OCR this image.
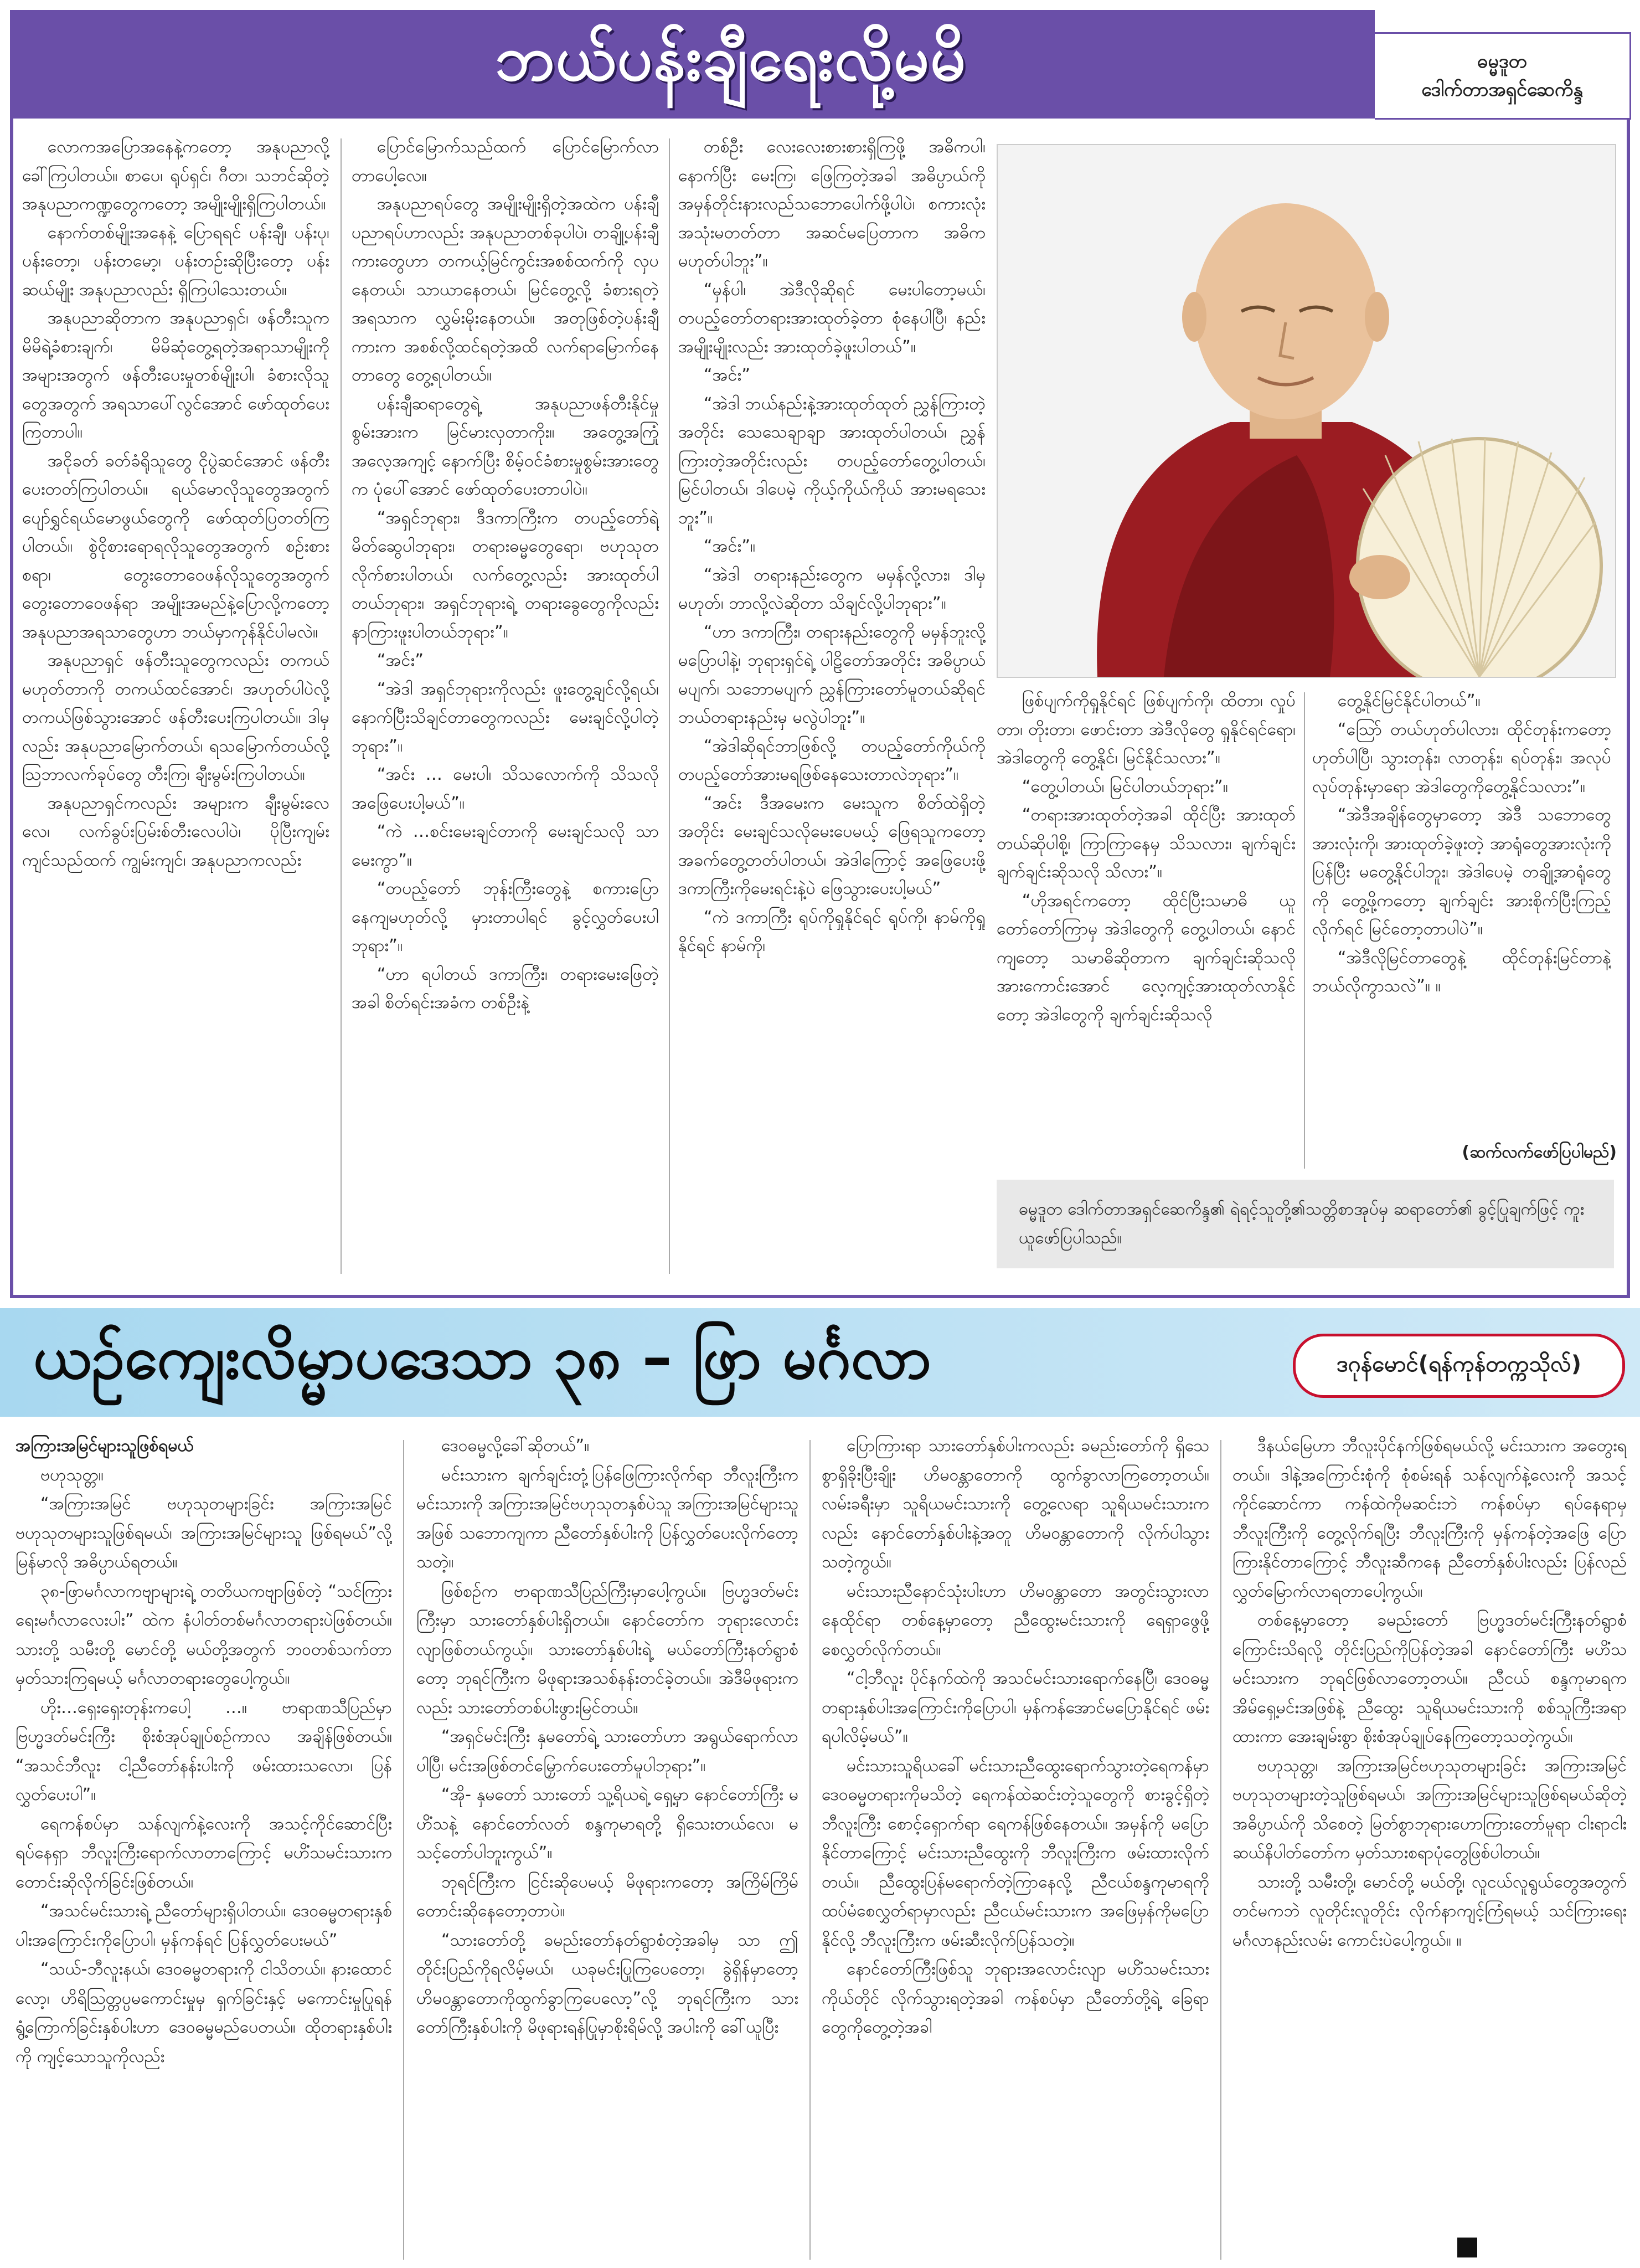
ဘယ်ပန်းချီရေးလို့မမိ	ဓမ္မဒူတ
ဒေါက်တာအရှင်ဆေကိန္ဒ

လောကအပြောအနေနဲ့ကတော့ အနုပညာလို့ခေါ်ကြပါတယ်။ စာပေ၊ ရုပ်ရှင်၊ ဂီတ၊ သဘင်ဆိုတဲ့ အနုပညာကဏ္ဍတွေကတော့ အမျိုးမျိုးရှိကြပါတယ်။

နောက်တစ်မျိုးအနေနဲ့ ပြောရရင် ပန်းချီ၊ ပန်းပု၊ ပန်းတော့၊ ပန်းတမော့၊ ပန်းတဉ်းဆိုပြီးတော့ ပန်းဆယ်မျိုး အနုပညာလည်း ရှိကြပါသေးတယ်။

အနုပညာဆိုတာက အနုပညာရှင်၊ ဖန်တီးသူက မိမိရဲ့ခံစားချက်၊ မိမိဆုံတွေ့ရတဲ့အရာသာမျိုးကို အများအတွက် ဖန်တီးပေးမှုတစ်မျိုးပါ၊ ခံစားလိုသူတွေအတွက် အရသာပေါ်လွင်အောင် ဖော်ထုတ်ပေးကြတာပါ။

အငိုခတ် ခတ်ခံရိုသူတွေ ငိုပွဲဆင်အောင် ဖန်တီးပေးတတ်ကြပါတယ်။ ရယ်မောလိုသူတွေအတွက် ပျော်ရွှင်ရယ်မောဖွယ်တွေကို ဖော်ထုတ်ပြတတ်ကြပါတယ်။ စွဲငိုစားရောရလိုသူတွေအတွက် စဉ်းစားစရာ၊ တွေးတောဝေဖန်လိုသူတွေအတွက် တွေးတောဝေဖန်ရာ အမျိုးအမည်နဲ့ပြောလို့ကတော့ အနုပညာအရသာတွေဟာ ဘယ်မှာကုန်နိုင်ပါမလဲ။

အနုပညာရှင် ဖန်တီးသူတွေကလည်း တကယ်မဟုတ်တာကို တကယ်ထင်အောင်၊ အဟုတ်ပါပဲလို့ တကယ်ဖြစ်သွားအောင် ဖန်တီးပေးကြပါတယ်။ ဒါမှလည်း အနုပညာမြောက်တယ်၊ ရသမြောက်တယ်လို့ သြဘာလက်ခုပ်တွေ တီးကြ၊ ချီးမွမ်းကြပါတယ်။

အနုပညာရှင်ကလည်း အများက ချီးမွမ်းလေလေ၊ လက်ခွပ်းပြမ်းစ်တီးလေပါပဲ၊ ပိုပြီးကျမ်းကျင်သည်ထက် ကျွမ်းကျင်၊ အနုပညာကလည်း

ပြောင်မြောက်သည်ထက် ပြောင်မြောက်လာတာပေါ့လေ။

အနုပညာရပ်တွေ အမျိုးမျိုးရှိတဲ့အထဲက ပန်းချီပညာရပ်ဟာလည်း အနုပညာတစ်ခုပါပဲ၊ တချို့ပန်းချီကားတွေဟာ တကယ့်မြင်ကွင်းအစစ်ထက်ကို လှပနေတယ်၊ သာယာနေတယ်၊ မြင်တွေ့လို့ ခံစားရတဲ့အရသာက လွှမ်းမိုးနေတယ်။ အတုဖြစ်တဲ့ပန်းချီကားက အစစ်လို့ထင်ရတဲ့အထိ လက်ရာမြောက်နေတာတွေ တွေ့ရပါတယ်။

ပန်းချီဆရာတွေရဲ့ အနုပညာဖန်တီးနိုင်မှုစွမ်းအားက မြင်မားလှတာကိုး။ အတွေ့အကြုံအလေ့အကျင့် နောက်ပြီး စိမ့်ဝင်ခံစားမှုစွမ်းအားတွေက ပုံပေါ်အောင် ဖော်ထုတ်ပေးတာပါပဲ။

“အရှင်ဘုရား၊ ဒီဒကာကြီးက တပည့်တော်ရဲ့မိတ်ဆွေပါဘုရား၊ တရားဓမ္မတွေရော၊ ဗဟုသုတလိုက်စားပါတယ်၊ လက်တွေ့လည်း အားထုတ်ပါတယ်ဘုရား၊ အရှင်ဘုရားရဲ့ တရားခွေတွေကိုလည်း နာကြားဖူးပါတယ်ဘုရား”။

“အင်း”

“အဲဒါ အရှင်ဘုရားကိုလည်း ဖူးတွေ့ချင်လို့ရယ်၊ နောက်ပြီးသိချင်တာတွေကလည်း မေးချင်လို့ပါတဲ့ဘုရား”။

“အင်း … မေးပါ၊ သိသလောက်ကို သိသလိုအဖြေပေးပါ့မယ်”။

“ကဲ …စင်းမေးချင်တာကို မေးချင်သလို သာမေးကွာ”။

“တပည့်တော် ဘုန်းကြီးတွေနဲ့ စကားပြောနေကျမဟုတ်လို့ မှားတာပါရင် ခွင့်လွှတ်ပေးပါဘုရား”။

“ဟာ ရပါတယ် ဒကာကြီး၊ တရားမေးဖြေတဲ့အခါ စိတ်ရင်းအခံက တစ်ဦးနဲ့

တစ်ဦး လေးလေးစားစားရှိကြဖို့ အဓိကပါ၊ နောက်ပြီး မေးကြ၊ ဖြေကြတဲ့အခါ အဓိပ္ပာယ်ကို အမှန်တိုင်းနားလည်သဘောပေါက်ဖို့ပါပဲ၊ စကားလုံးအသုံးမတတ်တာ အဆင်မပြေတာက အဓိကမဟုတ်ပါဘူး”။

“မှန်ပါ၊ အဲဒီလိုဆိုရင် မေးပါတော့မယ်၊ တပည့်တော်တရားအားထုတ်ခဲ့တာ စုံနေပါပြီ၊ နည်းအမျိုးမျိုးလည်း အားထုတ်ခဲ့ဖူးပါတယ်”။

“အင်း”

“အဲဒါ ဘယ်နည်းနဲ့အားထုတ်ထုတ် ညွှန်ကြားတဲ့အတိုင်း သေသေချာချာ အားထုတ်ပါတယ်၊ ညွှန်ကြားတဲ့အတိုင်းလည်း တပည့်တော်တွေ့ပါတယ်၊ မြင်ပါတယ်၊ ဒါပေမဲ့ ကိုယ့်ကိုယ်ကိုယ် အားမရသေးဘူး”။

“အင်း”။

“အဲဒါ တရားနည်းတွေက မမှန်လို့လား၊ ဒါမှမဟုတ်၊ ဘာလို့လဲဆိုတာ သိချင်လို့ပါဘုရား”။

“ဟာ ဒကာကြီး၊ တရားနည်းတွေကို မမှန်ဘူးလို့ မပြောပါနဲ့၊ ဘုရားရှင်ရဲ့ ပါဠိတော်အတိုင်း အဓိပ္ပာယ်မပျက်၊ သဘောမပျက် ညွှန်ကြားတော်မူတယ်ဆိုရင် ဘယ်တရားနည်းမှ မလွဲပါဘူး”။

“အဲဒါဆိုရင်ဘာဖြစ်လို့ တပည့်တော်ကိုယ်ကိုတပည့်တော်အားမရဖြစ်နေသေးတာလဲဘုရား”။

“အင်း ဒီအမေးက မေးသူက စိတ်ထဲရှိတဲ့အတိုင်း မေးချင်သလိုမေးပေမယ့် ဖြေရသူကတော့ အခက်တွေ့တတ်ပါတယ်၊ အဲဒါကြောင့် အဖြေပေးဖို့ ဒကာကြီးကိုမေးရင်းနဲ့ပဲ ဖြေသွားပေးပါ့မယ်”

“ကဲ ဒကာကြီး ရုပ်ကိုရှုနိုင်ရင် ရုပ်ကို၊ နာမ်ကိုရှုနိုင်ရင် နာမ်ကို၊

ဖြစ်ပျက်ကိုရှုနိုင်ရင် ဖြစ်ပျက်ကို၊ ထိတာ၊ လှုပ်တာ၊ တိုးတာ၊ ဖောင်းတာ အဲဒီလိုတွေ ရှုနိုင်ရင်ရော၊ အဲဒါတွေကို တွေ့နိုင်၊ မြင်နိုင်သလား”။

“တွေ့ပါတယ်၊ မြင်ပါတယ်ဘုရား”။

“တရားအားထုတ်တဲ့အခါ ထိုင်ပြီး အားထုတ်တယ်ဆိုပါစို့၊ ကြာကြာနေမှ သိသလား၊ ချက်ချင်း ချက်ချင်းဆိုသလို သိလား”။

“ဟိုအရင်ကတော့ ထိုင်ပြီးသမာဓိ ယူတော်တော်ကြာမှ အဲဒါတွေကို တွေ့ပါတယ်၊ နောင်ကျတော့ သမာဓိဆိုတာက ချက်ချင်းဆိုသလို အားကောင်းအောင် လေ့ကျင့်အားထုတ်လာနိုင်တော့ အဲဒါတွေကို ချက်ချင်းဆိုသလို

တွေ့နိုင်မြင်နိုင်ပါတယ်”။

“ဩော် တယ်ဟုတ်ပါလား၊ ထိုင်တုန်းကတော့ ဟုတ်ပါပြီ၊ သွားတုန်း၊ လာတုန်း၊ ရပ်တုန်း၊ အလုပ်လုပ်တုန်းမှာရော အဲဒါတွေကိုတွေ့နိုင်သလား”။

“အဲဒီအချိန်တွေမှာတော့ အဲဒီ သဘောတွေအားလုံးကို၊ အားထုတ်ခဲ့ဖူးတဲ့ အာရုံတွေအားလုံးကို ပြန်ပြီး မတွေ့နိုင်ပါဘူး၊ အဲဒါပေမဲ့ တချို့အာရုံတွေကို တွေ့ဖို့ကတော့ ချက်ချင်း အားစိုက်ပြီးကြည့်လိုက်ရင် မြင်တော့တာပါပဲ”။

“အဲဒီလိုမြင်တာတွေနဲ့ ထိုင်တုန်းမြင်တာနဲ့ ဘယ်လိုကွာသလဲ”။ ။

(ဆက်လက်ဖော်ပြပါမည်)
ဓမ္မဒူတ ဒေါက်တာအရှင်ဆေကိန္ဒ၏ ရဲရင့်သူတို့၏သတ္တိစာအုပ်မှ ဆရာတော်၏ ခွင့်ပြုချက်ဖြင့် ကူးယူဖော်ပြပါသည်။
ယဉ်ကျေးလိမ္မာပဒေသာ ၃၈ – ဖြာ မင်္ဂလာ	ဒဂုန်မောင်(ရန်ကုန်တက္ကသိုလ်)

အကြားအမြင်များသူဖြစ်ရမယ်

ဗဟုသုတ္တ။

“အကြားအမြင် ဗဟုသုတများခြင်း အကြားအမြင် ဗဟုသုတများသူဖြစ်ရမယ်၊ အကြားအမြင်များသူ ဖြစ်ရမယ်”လို့ မြန်မာလို အဓိပ္ပာယ်ရတယ်။

၃၈-ဖြာမင်္ဂလာကဗျာများရဲ့ တတိယကဗျာဖြစ်တဲ့ “သင်ကြားရေးမင်္ဂလာလေးပါး” ထဲက နံပါတ်တစ်မင်္ဂလာတရားပဲဖြစ်တယ်။ သားတို့ သမီးတို့ မောင်တို့ မယ်တို့အတွက် ဘဝတစ်သက်တာ မှတ်သားကြရမယ့် မင်္ဂလာတရားတွေပေါ့ကွယ်။

ဟိုး…ရှေးရှေးတုန်းကပေါ့ …။ ဗာရာဏသီပြည်မှာ ဗြဟ္မဒတ်မင်းကြီး စိုးစံအုပ်ချုပ်စဉ်ကာလ အချိန်ဖြစ်တယ်။ “အသင်ဘီလူး ငါ့ညီတော်နန်းပါးကို ဖမ်းထားသလော၊ ပြန်လွှတ်ပေးပါ”။

ရေကန်စပ်မှာ သန်လျက်နဲ့လေးကို အသင့်ကိုင်ဆောင်ပြီးရပ်နေရှာ ဘီလူးကြီးရောက်လာတာကြောင့် မဟိံသမင်းသားက တောင်းဆိုလိုက်ခြင်းဖြစ်တယ်။

“အသင်မင်းသားရဲ့ ညီတော်များရှိပါတယ်။ ဒေဝဓမ္မတရားနှစ်ပါးအကြောင်းကိုပြောပါ၊ မှန်ကန်ရင် ပြန်လွှတ်ပေးမယ်”

“သယ်-ဘီလူးနယ်၊ ဒေဝဓမ္မတရားကို ငါသိတယ်။ နားထောင်လော့၊ ဟိရိဩတ္တပ္ပမကောင်းမှုမှ ရှက်ခြင်းနှင့် မကောင်းမှုပြုရန်ရွံ့ကြောက်ခြင်းနှစ်ပါးဟာ ဒေဝဓမ္မမည်ပေတယ်။ ထိုတရားနှစ်ပါးကို ကျင့်သောသူကိုလည်း

ဒေဝဓမ္မလို့ခေါ်ဆိုတယ်”။

မင်းသားက ချက်ချင်းတုံ့ပြန်ဖြေကြားလိုက်ရာ ဘီလူးကြီးက မင်းသားကို အကြားအမြင်ဗဟုသုတနှစ်ပဲသူ အကြားအမြင်များသူအဖြစ် သဘောကျကာ ညီတော်နှစ်ပါးကို ပြန်လွှတ်ပေးလိုက်တော့သတဲ့။

ဖြစ်စဉ်က ဗာရာဏသီပြည်ကြီးမှာပေါ့ကွယ်။ ဗြဟ္မဒတ်မင်းကြီးမှာ သားတော်နှစ်ပါးရှိတယ်။ နောင်တော်က ဘုရားလောင်းလျာဖြစ်တယ်ကွယ့်။ သားတော်နှစ်ပါးရဲ့ မယ်တော်ကြီးနတ်ရွာစံတော့ ဘုရင်ကြီးက မိဖုရားအသစ်နန်းတင်ခဲ့တယ်။ အဲဒီမိဖုရားကလည်း သားတော်တစ်ပါးဖွားမြင်တယ်။

“အရှင်မင်းကြီး နှမတော်ရဲ့ သားတော်ဟာ အရွယ်ရောက်လာပါပြီ၊ မင်းအဖြစ်တင်မြှောက်ပေးတော်မူပါဘုရား”။

“အို- နှမတော် သားတော် သူ့ရိယရဲ့ ရှေ့မှာ နောင်တော်ကြီး မဟိံသနဲ့ နောင်တော်လတ် စန္ဒကုမာရတို့ ရှိသေးတယ်လေ၊ မသင့်တော်ပါဘူးကွယ်”။

ဘုရင်ကြီးက ငြင်းဆိုပေမယ့် မိဖုရားကတော့ အကြိမ်ကြိမ်တောင်းဆိုနေတော့တာပဲ။

“သားတော်တို့ ခမည်းတော်နတ်ရွာစံတဲ့အခါမှ သာ ဤတိုင်းပြည်ကိုရလိမ့်မယ်၊ ယခုမင်းပြုကြပေတော့၊ ခွဲရှိန်မှာတော့ ဟိမဝန္တာတောကိုထွက်ခွာကြပေလော့”လို့ ဘုရင်ကြီးက သားတော်ကြီးနှစ်ပါးကို မိဖုရားရန်ပြုမှာစိုးရိမ်လို့ အပါးကို ခေါ်ယူပြီး

ပြောကြားရာ သားတော်နှစ်ပါးကလည်း ခမည်းတော်ကို ရှိသေစွာရှိခိုးပြီးချိုး ဟိမဝန္တာတောကို ထွက်ခွာလာကြတော့တယ်။ လမ်းခရီးမှာ သူရိယမင်းသားကို တွေ့လေရာ သူရိယမင်းသားကလည်း နောင်တော်နှစ်ပါးနဲ့အတူ ဟိမဝန္တာတောကို လိုက်ပါသွားသတဲ့ကွယ်။

မင်းသားညီနောင်သုံးပါးဟာ ဟိမဝန္တာတော အတွင်းသွားလာနေထိုင်ရာ တစ်နေ့မှာတော့ ညီထွေးမင်းသားကို ရေရှာဖွေဖို့ စေလွှတ်လိုက်တယ်။

“ငါ့ဘီလူး ပိုင်နက်ထဲကို အသင်မင်းသားရောက်နေပြီ၊ ဒေဝဓမ္မတရားနှစ်ပါးအကြောင်းကိုပြောပါ၊ မှန်ကန်အောင်မပြောနိုင်ရင် ဖမ်းရပါလိမ့်မယ်”။

မင်းသားသူရိယခေါ် မင်းသားညီထွေးရောက်သွားတဲ့ရေကန်မှာ ဒေဝဓမ္မတရားကိုမသိတဲ့ ရေကန်ထဲဆင်းတဲ့သူတွေကို စားခွင့်ရှိတဲ့ ဘီလူးကြီး စောင့်ရှောက်ရာ ရေကန်ဖြစ်နေတယ်။ အမှန်ကို မပြောနိုင်တာကြောင့် မင်းသားညီထွေးကို ဘီလူးကြီးက ဖမ်းထားလိုက်တယ်။ ညီထွေးပြန်မရောက်တဲ့ကြာနေလို့ ညီငယ်စန္ဒကုမာရကို ထပ်မံစေလွှတ်ရာမှာလည်း ညီငယ်မင်းသားက အဖြေမှန်ကိုမပြောနိုင်လို့ ဘီလူးကြီးက ဖမ်းဆီးလိုက်ပြန်သတဲ့။

နောင်တော်ကြီးဖြစ်သူ ဘုရားအလောင်းလျာ မဟိံသမင်းသားကိုယ်တိုင် လိုက်သွားရတဲ့အခါ ကန်စပ်မှာ ညီတော်တို့ရဲ့ ခြေရာတွေကိုတွေ့တဲ့အခါ

ဒီနယ်မြေဟာ ဘီလူးပိုင်နက်ဖြစ်ရမယ်လို့ မင်းသားက အတွေးရတယ်။ ဒါနဲ့အကြောင်းစုံကို စုံစမ်းရန် သန်လျက်နဲ့လေးကို အသင့်ကိုင်ဆောင်ကာ ကန်ထဲကိုမဆင်းဘဲ ကန်စပ်မှာ ရပ်နေရာမှ ဘီလူးကြီးကို တွေ့လိုက်ရပြီး ဘီလူးကြီးကို မှန်ကန်တဲ့အဖြေ ပြောကြားနိုင်တာကြောင့် ဘီလူးဆီကနေ ညီတော်နှစ်ပါးလည်း ပြန်လည်လွှတ်မြောက်လာရတာပေါ့ကွယ်။

တစ်နေ့မှာတော့ ခမည်းတော် ဗြဟ္မဒတ်မင်းကြီးနတ်ရွာစံကြောင်းသိရလို့ တိုင်းပြည်ကိုပြန်တဲ့အခါ နောင်တော်ကြီး မဟိံသမင်းသားက ဘုရင်ဖြစ်လာတော့တယ်။ ညီငယ် စန္ဒကုမာရက အိမ်ရှေ့မင်းအဖြစ်နဲ့ ညီထွေး သူရိယမင်းသားကို စစ်သူကြီးအရာထားကာ အေးချမ်းစွာ စိုးစံအုပ်ချုပ်နေကြတော့သတဲ့ကွယ်။

ဗဟုသုတ္တ၊ အကြားအမြင်ဗဟုသုတများခြင်း အကြားအမြင်ဗဟုသုတများတဲ့သူဖြစ်ရမယ်၊ အကြားအမြင်များသူဖြစ်ရမယ်ဆိုတဲ့အဓိပ္ပာယ်ကို သိစေတဲ့ မြတ်စွာဘုရားဟောကြားတော်မူရာ ငါးရာငါးဆယ်နိပါတ်တော်က မှတ်သားစရာပုံတွေဖြစ်ပါတယ်။

သားတို့ သမီးတို့၊ မောင်တို့ မယ်တို့၊ လူငယ်လူရွယ်တွေအတွက်တင်မကဘဲ လူတိုင်းလူတိုင်း လိုက်နာကျင့်ကြံရမယ့် သင်ကြားရေးမင်္ဂလာနည်းလမ်း ကောင်းပဲပေါ့ကွယ်။ ။
